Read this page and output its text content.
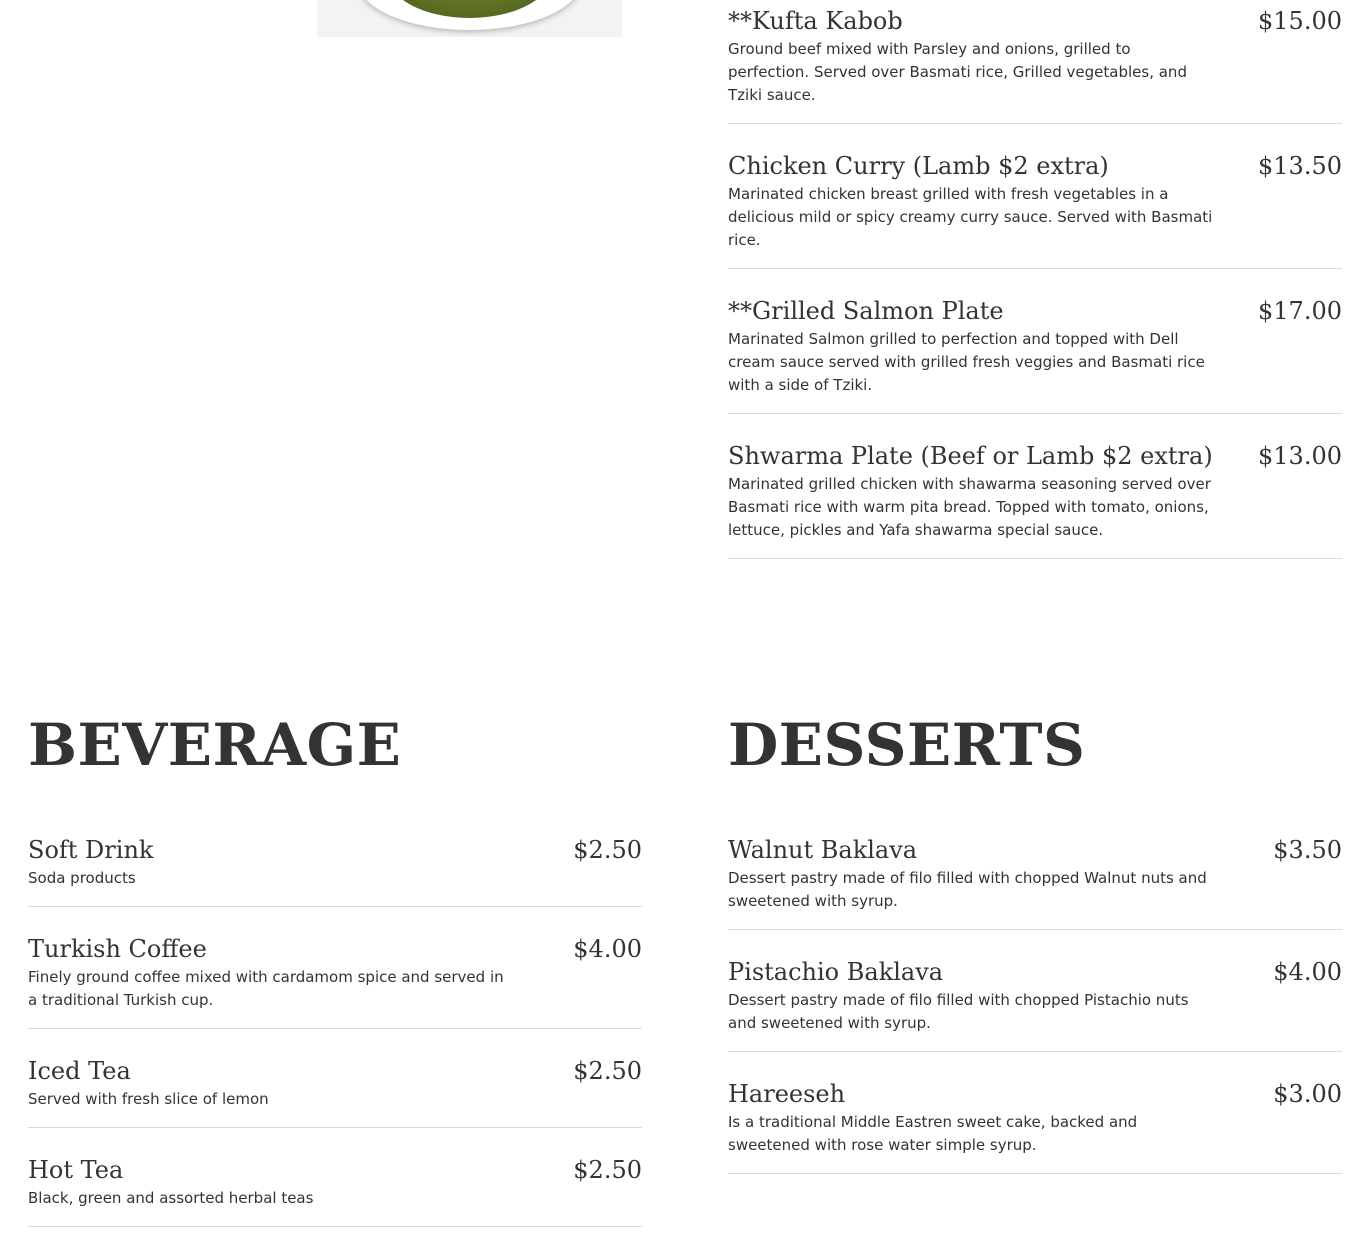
**Kufta Kabob	$15.00
Ground beef mixed with Parsley and onions, grilled to perfection. Served over Basmati rice, Grilled vegetables, and Tziki sauce.
Chicken Curry (Lamb $2 extra)	$13.50
Marinated chicken breast grilled with fresh vegetables in a delicious mild or spicy creamy curry sauce. Served with Basmati rice.
**Grilled Salmon Plate	$17.00
Marinated Salmon grilled to perfection and topped with Dell cream sauce served with grilled fresh veggies and Basmati rice with a side of Tziki.
Shwarma Plate (Beef or Lamb $2 extra) $13.00
Marinated grilled chicken with shawarma seasoning served over Basmati rice with warm pita bread. Topped with tomato, onions, lettuce, pickles and Yafa shawarma special sauce.
BEVERAGE
Soft Drink	$2.50
Soda products
Turkish Coffee	$4.00
Finely ground coffee mixed with cardamom spice and served in a traditional Turkish cup.
Iced Tea	$2.50
Served with fresh slice of lemon
Hot Tea	$2.50
Black, green and assorted herbal teas
DESSERTS
Walnut Baklava	$3.50
Dessert pastry made of filo filled with chopped Walnut nuts and sweetened with syrup.
Pistachio Baklava	$4.00
Dessert pastry made of filo filled with chopped Pistachio nuts and sweetened with syrup.
Hareeseh	$3.00
Is a traditional Middle Eastren sweet cake, backed and sweetened with rose water simple syrup.
